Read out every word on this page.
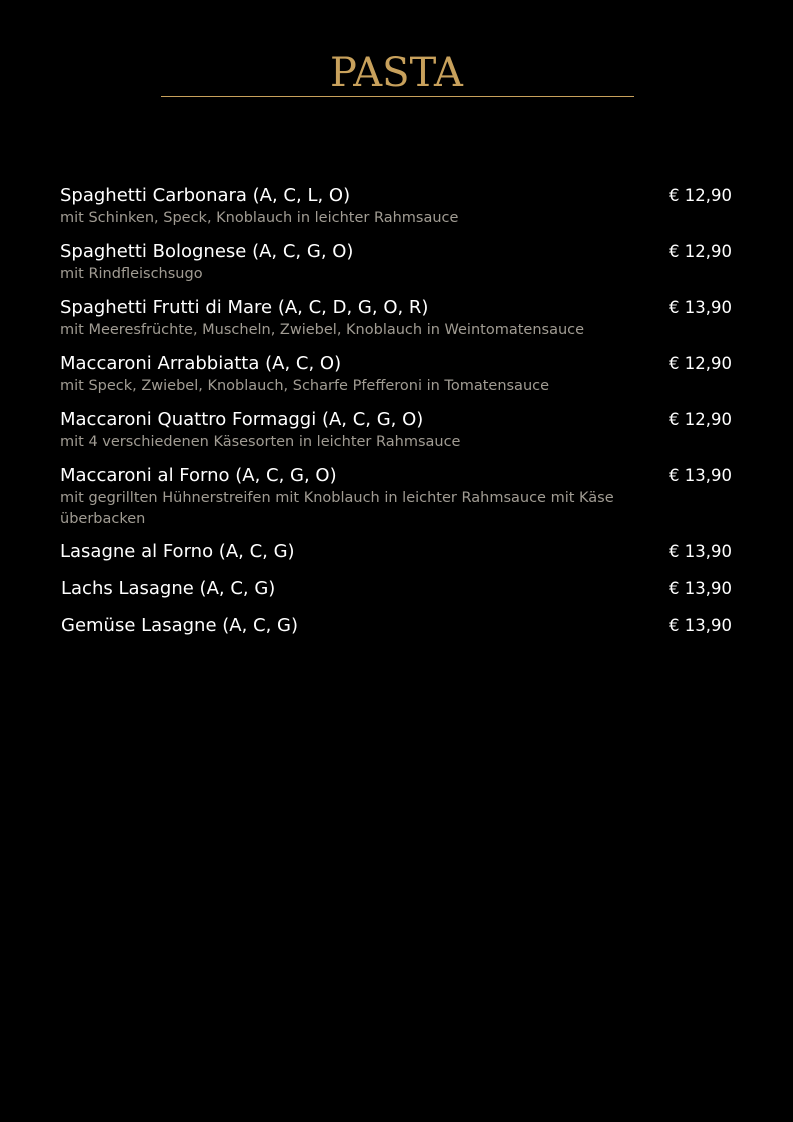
PASTA
Spaghetti Carbonara (A, C, L, O)
mit Schinken, Speck, Knoblauch in leichter Rahmsauce
€ 12,90
Spaghetti Bolognese (A, C, G, O)
mit Rindfleischsugo
€ 12,90
Spaghetti Frutti di Mare (A, C, D, G, O, R)
mit Meeresfrüchte, Muscheln, Zwiebel, Knoblauch in Weintomatensauce
€ 13,90
Maccaroni Arrabbiatta (A, C, O)
mit Speck, Zwiebel, Knoblauch, Scharfe Pfefferoni in Tomatensauce
€ 12,90
Maccaroni Quattro Formaggi (A, C, G, O)
mit 4 verschiedenen Käsesorten in leichter Rahmsauce
€ 12,90
Maccaroni al Forno (A, C, G, O)
mit gegrillten Hühnerstreifen mit Knoblauch in leichter Rahmsauce mit Käse überbacken
€ 13,90
Lasagne al Forno (A, C, G)	€ 13,90
Lachs Lasagne (A, C, G)	€ 13,90
Gemüse Lasagne (A, C, G)	€ 13,90
